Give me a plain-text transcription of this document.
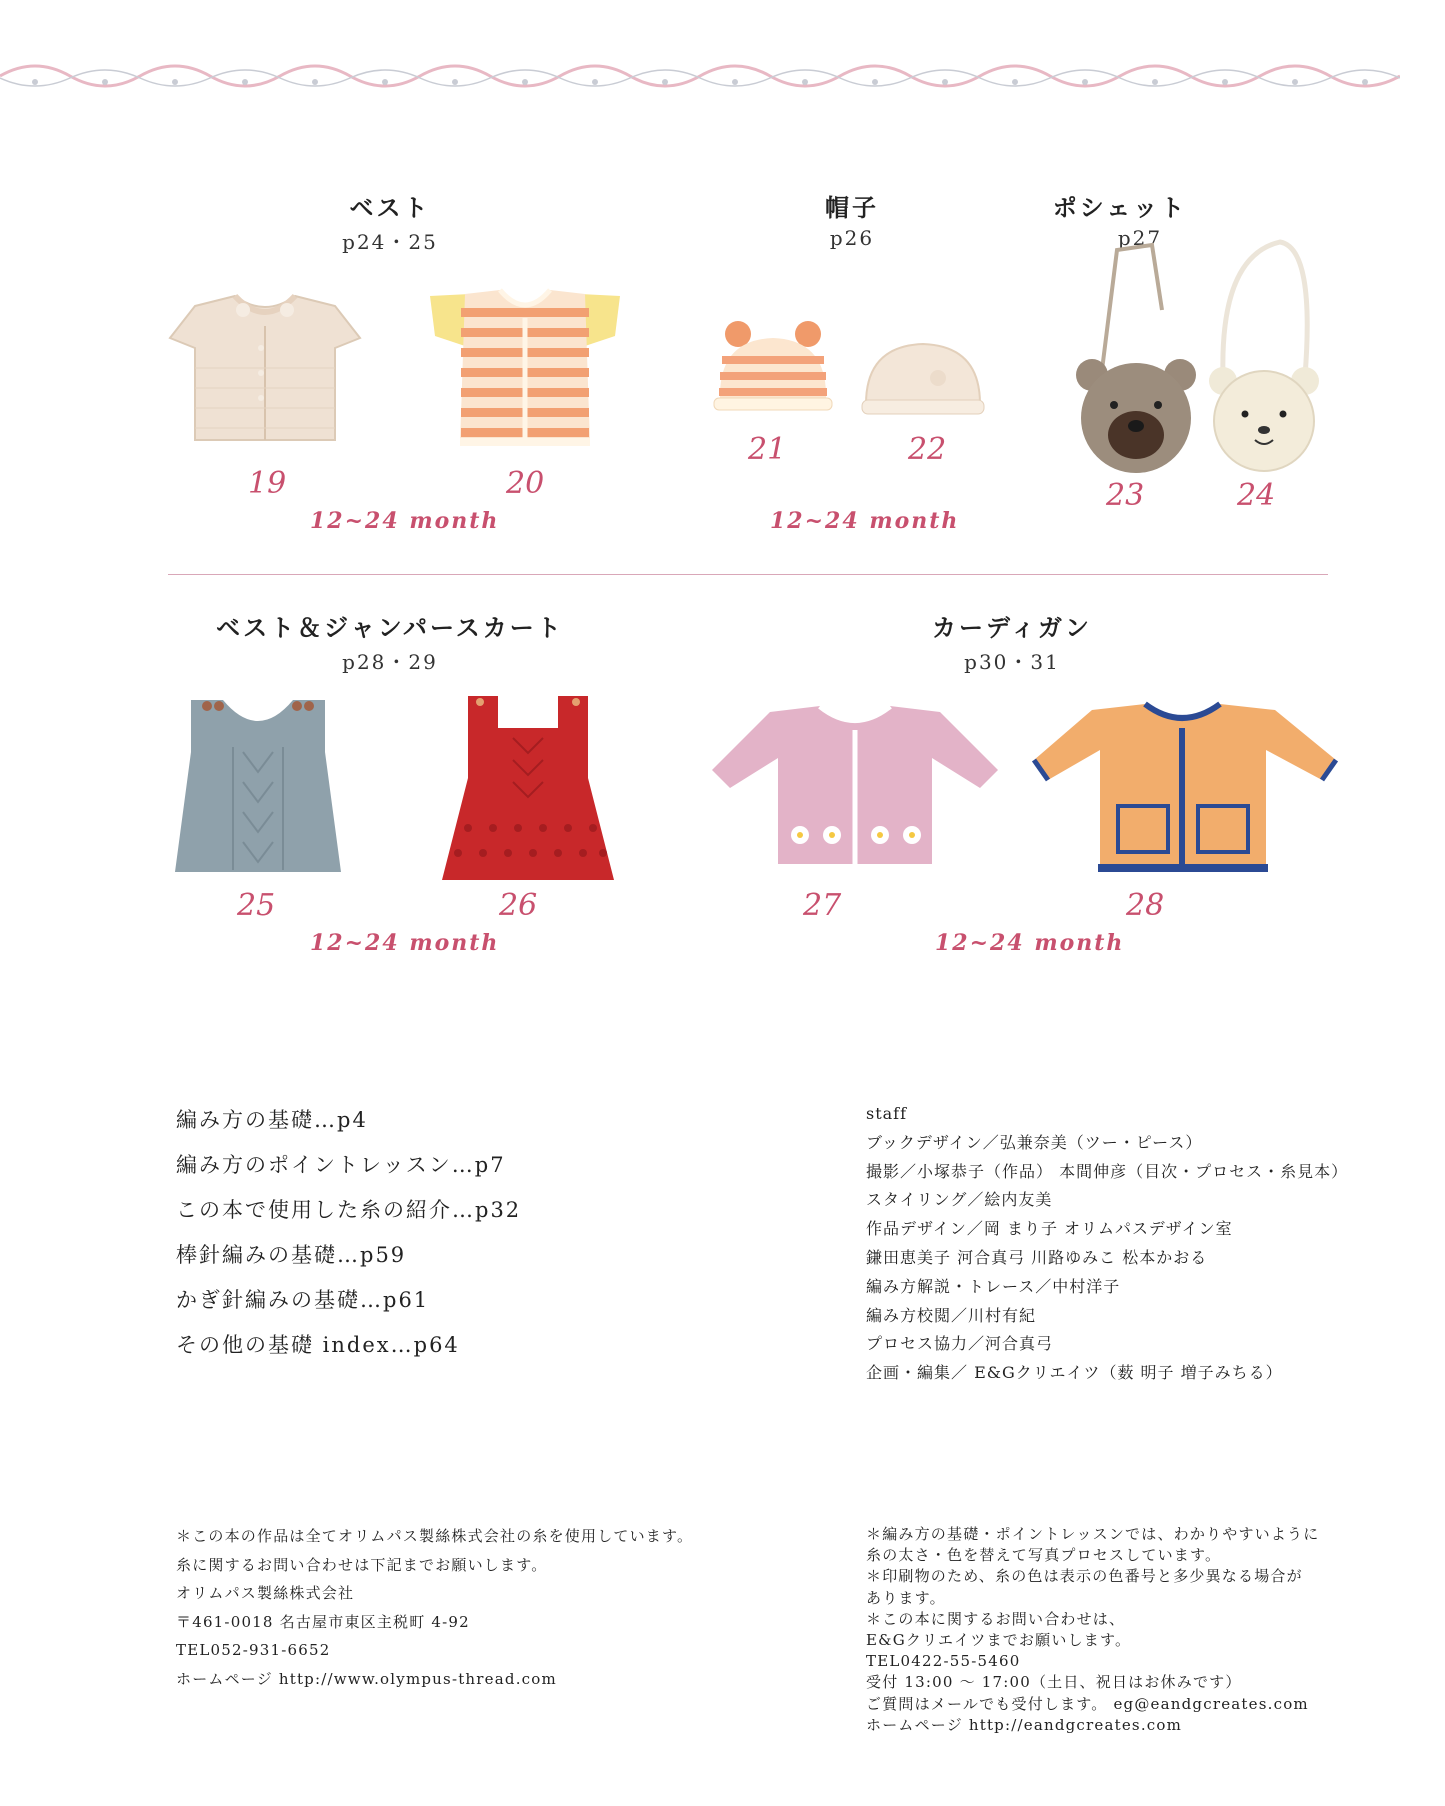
ベスト
p24・25
19	20
12~24 month
帽子
p26
21	22
12~24 month
ポシェット
p27
23	24
ベスト＆ジャンパースカート
p28・29
25	26
12~24 month
カーディガン
p30・31
27	28
12~24 month
編み方の基礎…p4
編み方のポイントレッスン…p7
この本で使用した糸の紹介…p32
棒針編みの基礎…p59
かぎ針編みの基礎…p61
その他の基礎 index…p64
staff
ブックデザイン／弘兼奈美（ツー・ピース）
撮影／小塚恭子（作品） 本間伸彦（目次・プロセス・糸見本）
スタイリング／絵内友美
作品デザイン／岡 まり子 オリムパスデザイン室
鎌田恵美子 河合真弓 川路ゆみこ 松本かおる
編み方解説・トレース／中村洋子
編み方校閲／川村有紀
プロセス協力／河合真弓
企画・編集／ E&Gクリエイツ（薮 明子 増子みちる）
＊この本の作品は全てオリムパス製絲株式会社の糸を使用しています。
糸に関するお問い合わせは下記までお願いします。
オリムパス製絲株式会社
〒461-0018 名古屋市東区主税町 4-92
TEL052-931-6652
ホームページ http://www.olympus-thread.com
＊編み方の基礎・ポイントレッスンでは、わかりやすいように
糸の太さ・色を替えて写真プロセスしています。
＊印刷物のため、糸の色は表示の色番号と多少異なる場合が
あります。
＊この本に関するお問い合わせは、
E&Gクリエイツまでお願いします。
TEL0422-55-5460
受付 13:00 ～ 17:00（土日、祝日はお休みです）
ご質問はメールでも受付します。 eg@eandgcreates.com
ホームページ http://eandgcreates.com
